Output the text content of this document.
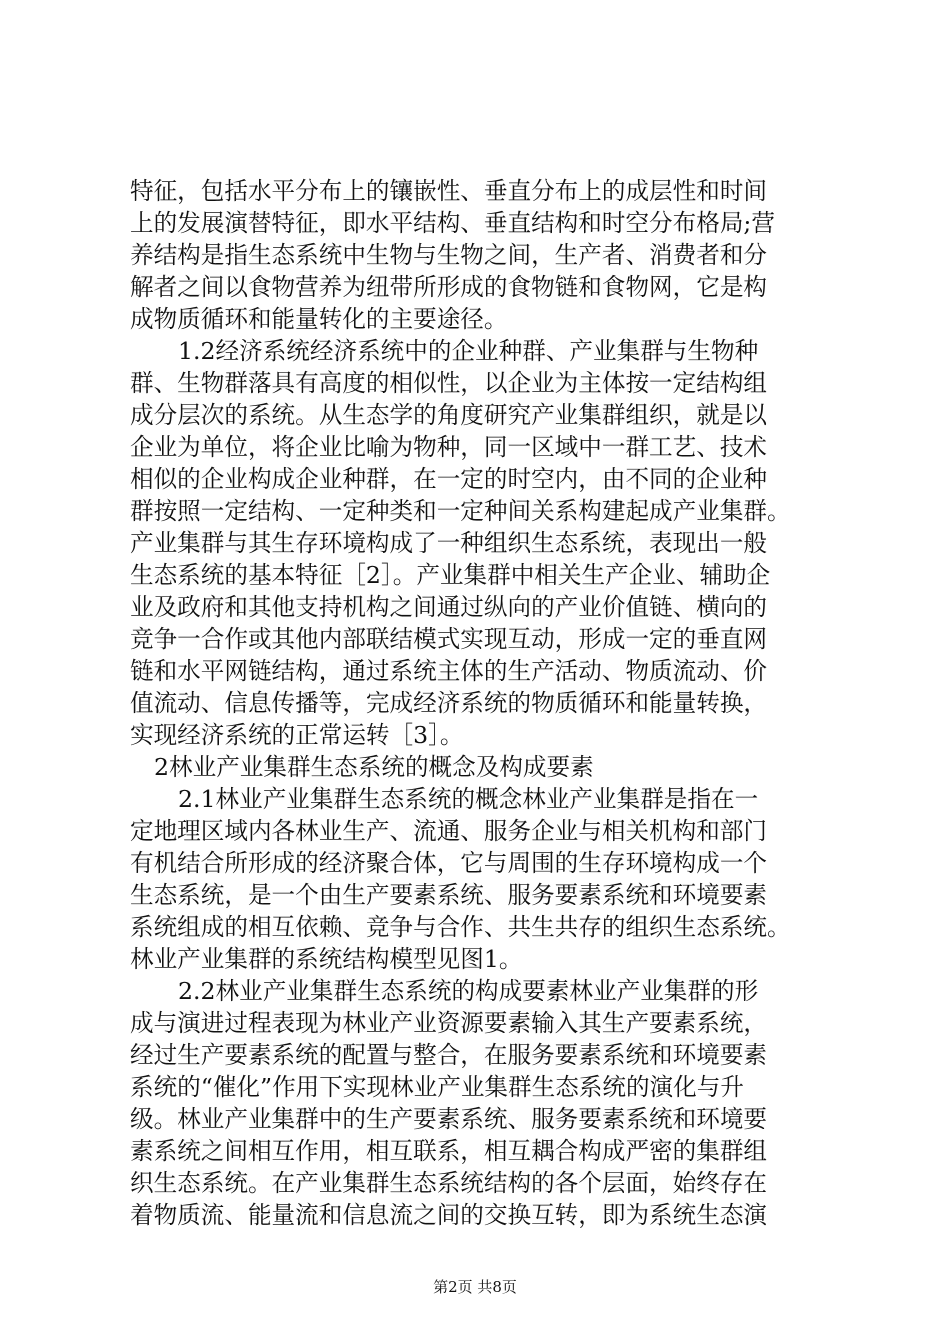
特征，包括水平分布上的镶嵌性、垂直分布上的成层性和时间
上的发展演替特征，即水平结构、垂直结构和时空分布格局;营
养结构是指生态系统中生物与生物之间，生产者、消费者和分
解者之间以食物营养为纽带所形成的食物链和食物网，它是构
成物质循环和能量转化的主要途径。
1.2经济系统经济系统中的企业种群、产业集群与生物种
群、生物群落具有高度的相似性，以企业为主体按一定结构组
成分层次的系统。从生态学的角度研究产业集群组织，就是以
企业为单位，将企业比喻为物种，同一区域中一群工艺、技术
相似的企业构成企业种群，在一定的时空内，由不同的企业种
群按照一定结构、一定种类和一定种间关系构建起成产业集群。
产业集群与其生存环境构成了一种组织生态系统，表现出一般
生态系统的基本特征［2］。产业集群中相关生产企业、辅助企
业及政府和其他支持机构之间通过纵向的产业价值链、横向的
竞争一合作或其他内部联结模式实现互动，形成一定的垂直网
链和水平网链结构，通过系统主体的生产活动、物质流动、价
值流动、信息传播等，完成经济系统的物质循环和能量转换，
实现经济系统的正常运转［3］。
2林业产业集群生态系统的概念及构成要素
2.1林业产业集群生态系统的概念林业产业集群是指在一
定地理区域内各林业生产、流通、服务企业与相关机构和部门
有机结合所形成的经济聚合体，它与周围的生存环境构成一个
生态系统，是一个由生产要素系统、服务要素系统和环境要素
系统组成的相互依赖、竞争与合作、共生共存的组织生态系统。
林业产业集群的系统结构模型见图1。
2.2林业产业集群生态系统的构成要素林业产业集群的形
成与演进过程表现为林业产业资源要素输入其生产要素系统，
经过生产要素系统的配置与整合，在服务要素系统和环境要素
系统的“催化”作用下实现林业产业集群生态系统的演化与升
级。林业产业集群中的生产要素系统、服务要素系统和环境要
素系统之间相互作用，相互联系，相互耦合构成严密的集群组
织生态系统。在产业集群生态系统结构的各个层面，始终存在
着物质流、能量流和信息流之间的交换互转，即为系统生态演
第2页 共8页
